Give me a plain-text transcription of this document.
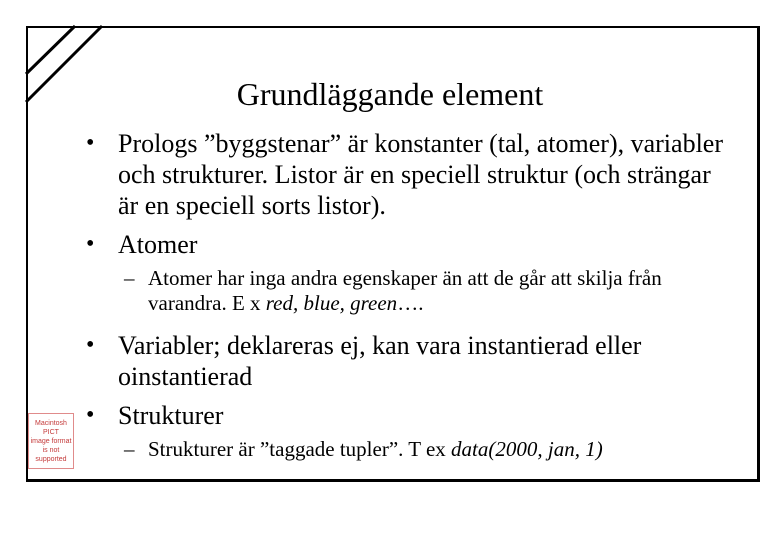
Grundläggande element
• Prologs ”byggstenar” är konstanter (tal, atomer), variabler och strukturer. Listor är en speciell struktur (och strängar är en speciell sorts listor).
• Atomer
– Atomer har inga andra egenskaper än att de går att skilja från varandra. E x red, blue, green….
• Variabler; deklareras ej, kan vara instantierad eller oinstantierad
• Strukturer
– Strukturer är ”taggade tupler”. T ex data(2000, jan, 1)
Macintosh PICT
image format
is not supported
